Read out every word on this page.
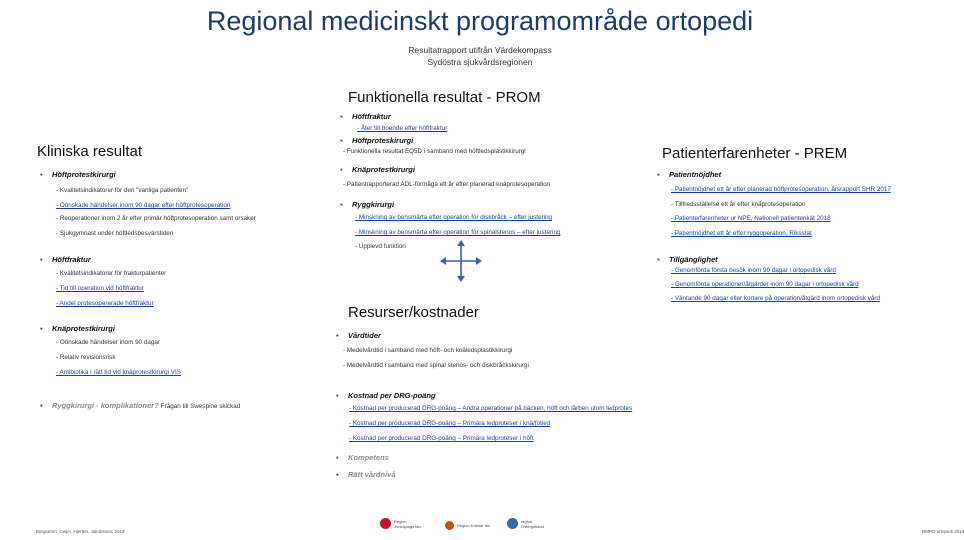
Regional medicinskt programområde ortopedi
Resultatrapport utifrån Värdekompass
Sydöstra sjukvårdsregionen
Funktionella resultat - PROM
▪ Höftfraktur
- Åter till boende efter höftfraktur
▪ Höftproteskirurgi
- Funktionella resultat EQ5D i samband med höftledsplastikkirurgi
▪ Knäprotestkirurgi
- Patientrapporterad ADL-förmåga ett år efter planerad knäprotesoperation
▪ Ryggkirurgi
- Minskning av bensmärta efter operation för diskbråck – efter justering
- Minskning av bensmärta efter operation för spinalstenos – efter justering
- Upplevd funktion
Kliniska resultat
▪ Höftprotestkirurgi
- Kvalitetsindikatorer för den "vanliga patienten"
- Oönskade händelser inom 90 dagar efter höftprotesoperation
- Reoperationer inom 2 år efter primär höftprotesoperation samt orsaker
- Sjukgymnast under höftledsbesvärstiden
▪ Höftfraktur
- Kvalitetsindikatorer för frakturpatienter
- Tid till operation vid höftfraktur
- Andel protesopererade höftfraktur
▪ Knäprotestkirurgi
- Oönskade händelser inom 90 dagar
- Relativ revisionsrisk
- Antibiotika i rätt tid vid knäprotestkirurgi VIS
▪ Ryggkirurgi - komplikationer? Frågan till Swespine skickad
Patienterfarenheter - PREM
▪ Patientnöjdhet
- Patientnöjdhet ett år efter planerad höftprotesoperation, årsrapport SHR 2017
- Tillfredsställelse ett år efter knäprotesoperation
- Patienterfarenheter ur NPE, Nationell patientenkät 2018
- Patientnöjdhet ett år efter ryggoperation, Riksstat
▪ Tillgänglighet
- Genomförda första besök inom 90 dagar i ortopedisk vård
- Genomförda operationer/åtgärder inom 90 dagar i ortopedisk vård
- Väntande 90 dagar eller kortare på operation/åtgärd inom ortopedisk vård
Resurser/kostnader
▪ Vårdtider
- Medelvårdtid i samband med höft- och knäledsplastikkirurgi
- Medelvårdtid i samband med spinal stenos- och diskbråckskirurgi
▪ Kostnad per DRG-poäng
- Kostnad per producerad DRG-poäng – Andra operationer på bäcken, höft och lårben utom ledprotes
- Kostnad per producerad DRG-poäng – Primära ledproteser i knä/fotled
- Kostnad per producerad DRG-poäng – Primära ledproteser i höft
▪ Kompetens
▪ Rätt vårdnivå
Bergström, Geijer, Hjerten, Jakobsson, 2019	RMPO ortopedi 2019
Region
Jönköpings län	Region Kalmar län
region
Östergötland
